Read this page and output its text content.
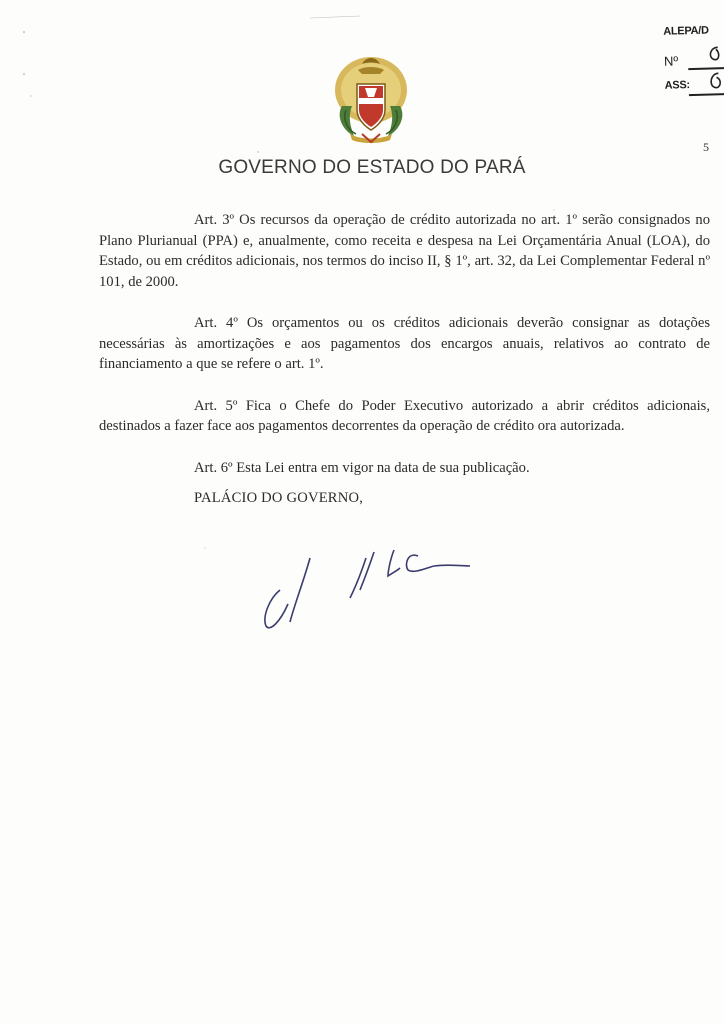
ALEPA/D
Nº
ASS:
5
GOVERNO DO ESTADO DO PARÁ

Art. 3º Os recursos da operação de crédito autorizada no art. 1º serão consignados no Plano Plurianual (PPA) e, anualmente, como receita e despesa na Lei Orçamentária Anual (LOA), do Estado, ou em créditos adicionais, nos termos do inciso II, § 1º, art. 32, da Lei Complementar Federal nº 101, de 2000.

Art. 4º Os orçamentos ou os créditos adicionais deverão consignar as dotações necessárias às amortizações e aos pagamentos dos encargos anuais, relativos ao contrato de financiamento a que se refere o art. 1º.

Art. 5º Fica o Chefe do Poder Executivo autorizado a abrir créditos adicionais, destinados a fazer face aos pagamentos decorrentes da operação de crédito ora autorizada.

Art. 6º Esta Lei entra em vigor na data de sua publicação.

PALÁCIO DO GOVERNO,
